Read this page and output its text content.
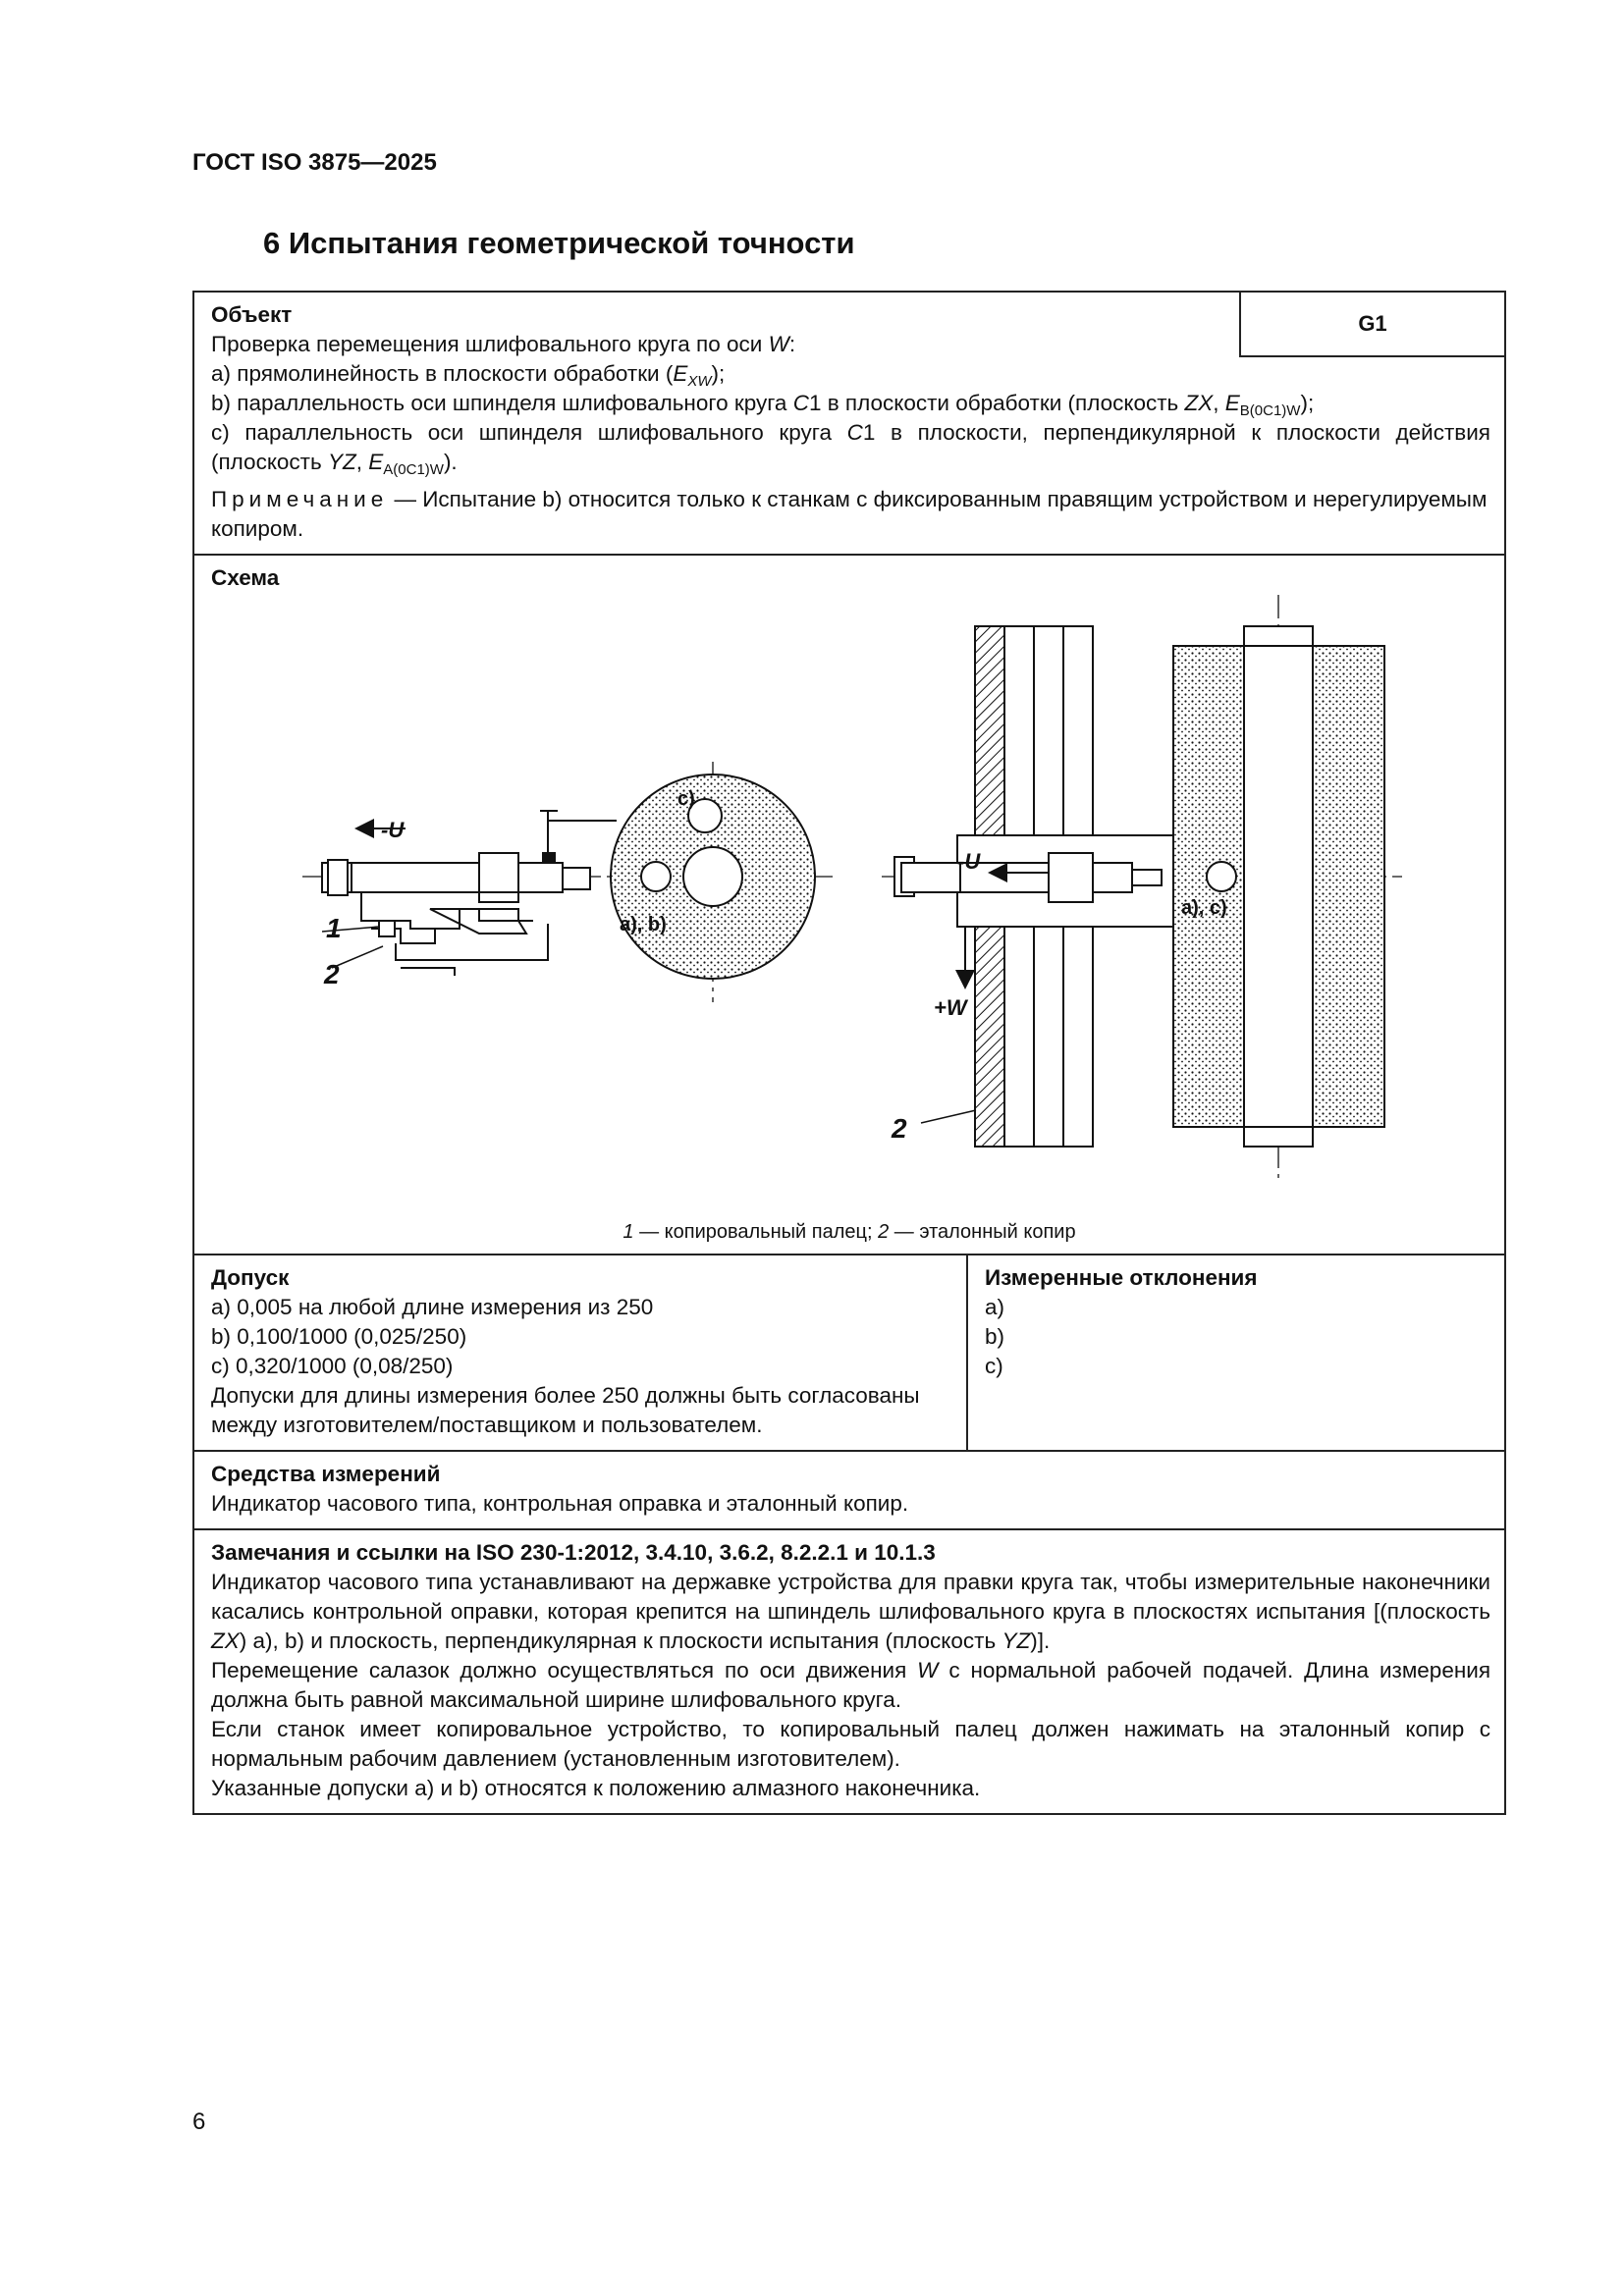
ГОСТ ISO 3875—2025
6 Испытания геометрической точности
G1
Объект
Проверка перемещения шлифовального круга по оси W:
а) прямолинейность в плоскости обработки $(E_{XW})$;
b) параллельность оси шпинделя шлифовального круга C1 в плоскости обработки (плоскость ZX, $E_{B(0C1)W}$);
с) параллельность оси шпинделя шлифовального круга C1 в плоскости, перпендикулярной к плоскости действия (плоскость YZ, $E_{A(0C1)W}$).
Примечание — Испытание b) относится только к станкам с фиксированным правящим устройством и нерегулируемым копиром.
Схема
-U
c)
a), b)
1
2
-U
+W
a), c)
2
1 — копировальный палец; 2 — эталонный копир
Допуск
а) 0,005 на любой длине измерения из 250
b) 0,100/1000 (0,025/250)
с) 0,320/1000 (0,08/250)
Допуски для длины измерения более 250 должны быть согласованы между изготовителем/поставщиком и пользователем.
Измеренные отклонения
а)
b)
с)
Средства измерений
Индикатор часового типа, контрольная оправка и эталонный копир.
Замечания и ссылки на ISO 230-1:2012, 3.4.10, 3.6.2, 8.2.2.1 и 10.1.3
Индикатор часового типа устанавливают на державке устройства для правки круга так, чтобы измерительные наконечники касались контрольной оправки, которая крепится на шпиндель шлифовального круга в плоскостях испытания [(плоскость ZX) а), b) и плоскость, перпендикулярная к плоскости испытания (плоскость YZ)].
Перемещение салазок должно осуществляться по оси движения W с нормальной рабочей подачей. Длина измерения должна быть равной максимальной ширине шлифовального круга.
Если станок имеет копировальное устройство, то копировальный палец должен нажимать на эталонный копир с нормальным рабочим давлением (установленным изготовителем).
Указанные допуски а) и b) относятся к положению алмазного наконечника.
6
